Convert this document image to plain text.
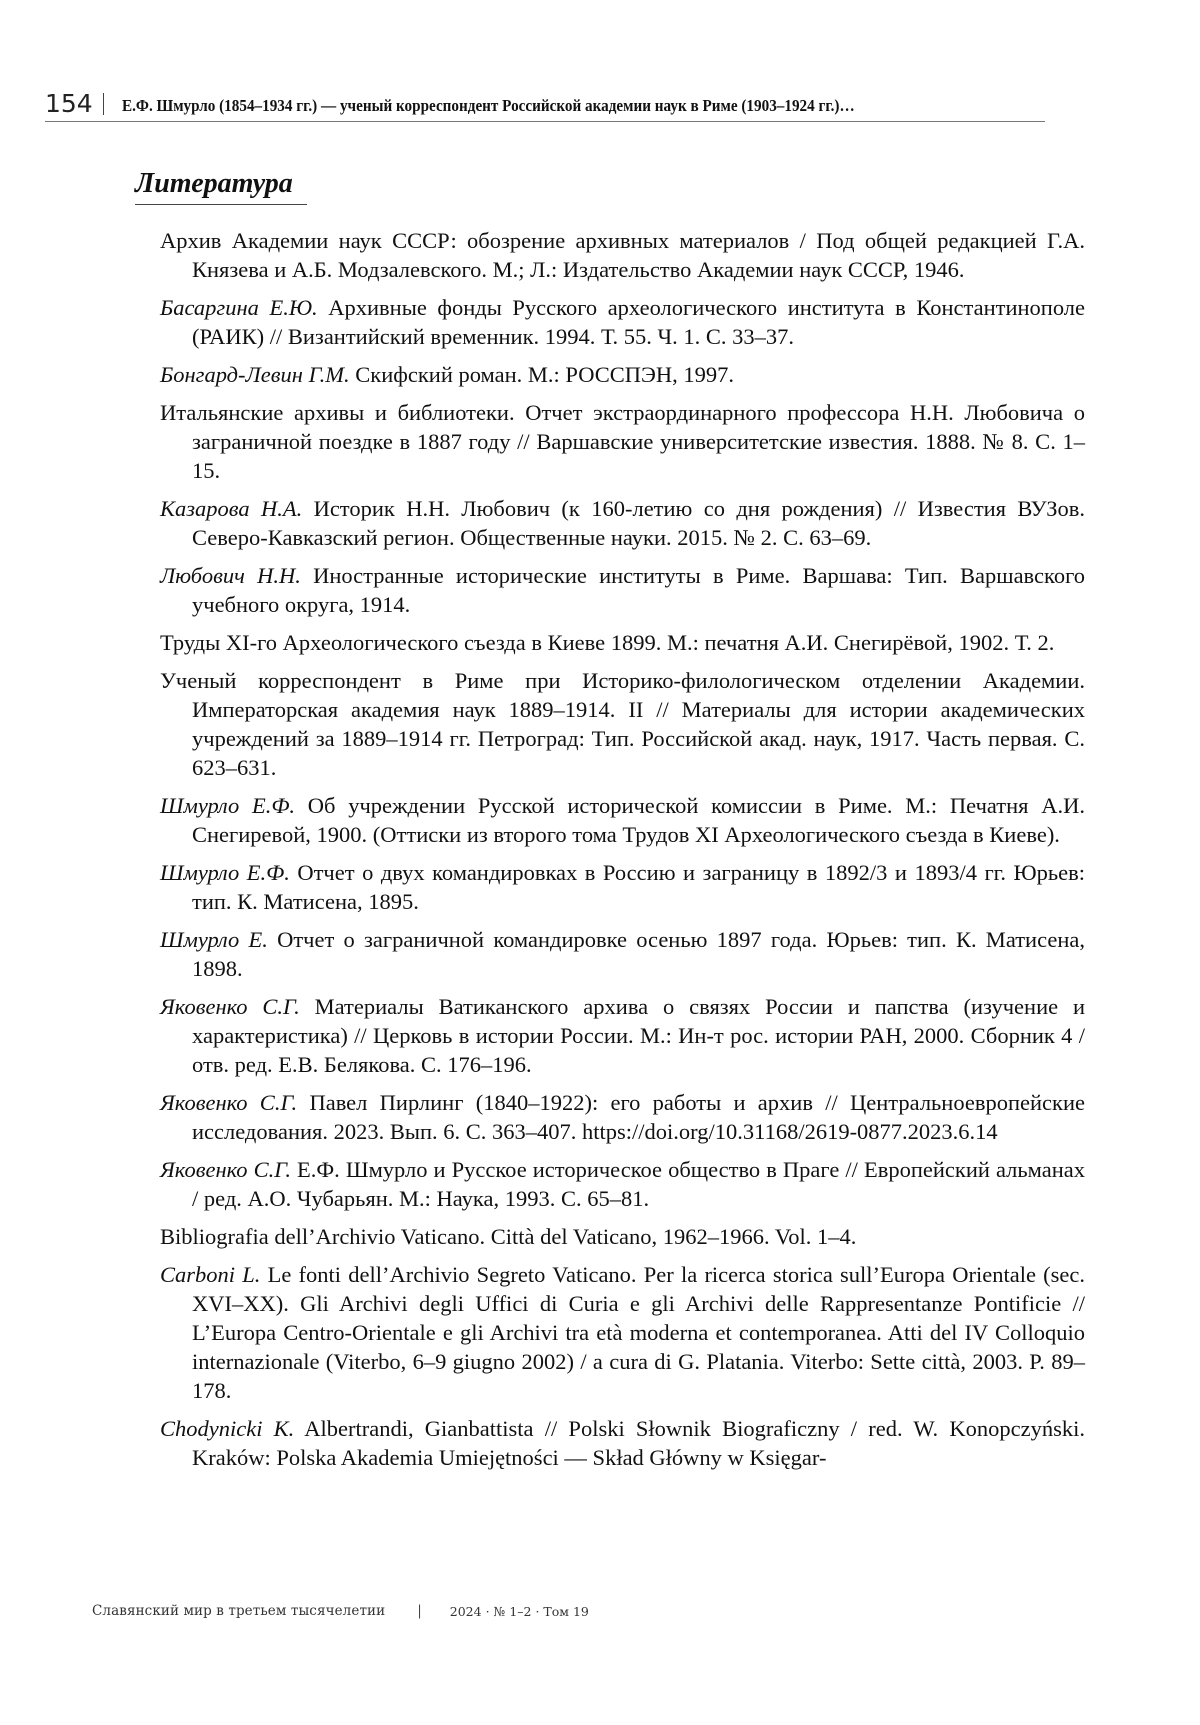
154 Е.Ф. Шмурло (1854–1934 гг.) — ученый корреспондент Российской академии наук в Риме (1903–1924 гг.)…
Литература
Архив Академии наук СССР: обозрение архивных материалов / Под общей редакцией Г.А. Князева и А.Б. Модзалевского. М.; Л.: Издательство Академии наук СССР, 1946.
Басаргина Е.Ю. Архивные фонды Русского археологического института в Константинополе (РАИК) // Византийский временник. 1994. Т. 55. Ч. 1. С. 33–37.
Бонгард-Левин Г.М. Скифский роман. М.: РОССПЭН, 1997.
Итальянские архивы и библиотеки. Отчет экстраординарного профессора Н.Н. Любовича о заграничной поездке в 1887 году // Варшавские университетские известия. 1888. № 8. С. 1–15.
Казарова Н.А. Историк Н.Н. Любович (к 160-летию со дня рождения) // Известия ВУЗов. Северо-Кавказский регион. Общественные науки. 2015. № 2. С. 63–69.
Любович Н.Н. Иностранные исторические институты в Риме. Варшава: Тип. Варшавского учебного округа, 1914.
Труды XI-го Археологического съезда в Киеве 1899. М.: печатня А.И. Снегирёвой, 1902. Т. 2.
Ученый корреспондент в Риме при Историко-филологическом отделении Академии. Императорская академия наук 1889–1914. II // Материалы для истории академических учреждений за 1889–1914 гг. Петроград: Тип. Российской акад. наук, 1917. Часть первая. С. 623–631.
Шмурло Е.Ф. Об учреждении Русской исторической комиссии в Риме. М.: Печатня А.И. Снегиревой, 1900. (Оттиски из второго тома Трудов XI Археологического съезда в Киеве).
Шмурло Е.Ф. Отчет о двух командировках в Россию и заграницу в 1892/3 и 1893/4 гг. Юрьев: тип. К. Матисена, 1895.
Шмурло Е. Отчет о заграничной командировке осенью 1897 года. Юрьев: тип. К. Матисена, 1898.
Яковенко С.Г. Материалы Ватиканского архива о связях России и папства (изучение и характеристика) // Церковь в истории России. М.: Ин-т рос. истории РАН, 2000. Сборник 4 / отв. ред. Е.В. Белякова. С. 176–196.
Яковенко С.Г. Павел Пирлинг (1840–1922): его работы и архив // Центральноевропейские исследования. 2023. Вып. 6. С. 363–407. https://doi.org/10.31168/2619-0877.2023.6.14
Яковенко С.Г. Е.Ф. Шмурло и Русское историческое общество в Праге // Европейский альманах / ред. А.О. Чубарьян. М.: Наука, 1993. С. 65–81.
Bibliografia dell’Archivio Vaticano. Città del Vaticano, 1962–1966. Vol. 1–4.
Carboni L. Le fonti dell’Archivio Segreto Vaticano. Per la ricerca storica sull’Europa Orientale (sec. XVI–XX). Gli Archivi degli Uffici di Curia e gli Archivi delle Rappresentanze Pontificie // L’Europa Centro-Orientale e gli Archivi tra età moderna et contemporanea. Atti del IV Colloquio internazionale (Viterbo, 6–9 giugno 2002) / a cura di G. Platania. Viterbo: Sette città, 2003. P. 89–178.
Chodynicki K. Albertrandi, Gianbattista // Polski Słownik Biograficzny / red. W. Konopczyński. Kraków: Polska Akademia Umiejętności — Skład Główny w Księgar-
Славянский мир в третьем тысячелетии | 2024 · № 1–2 · Том 19
